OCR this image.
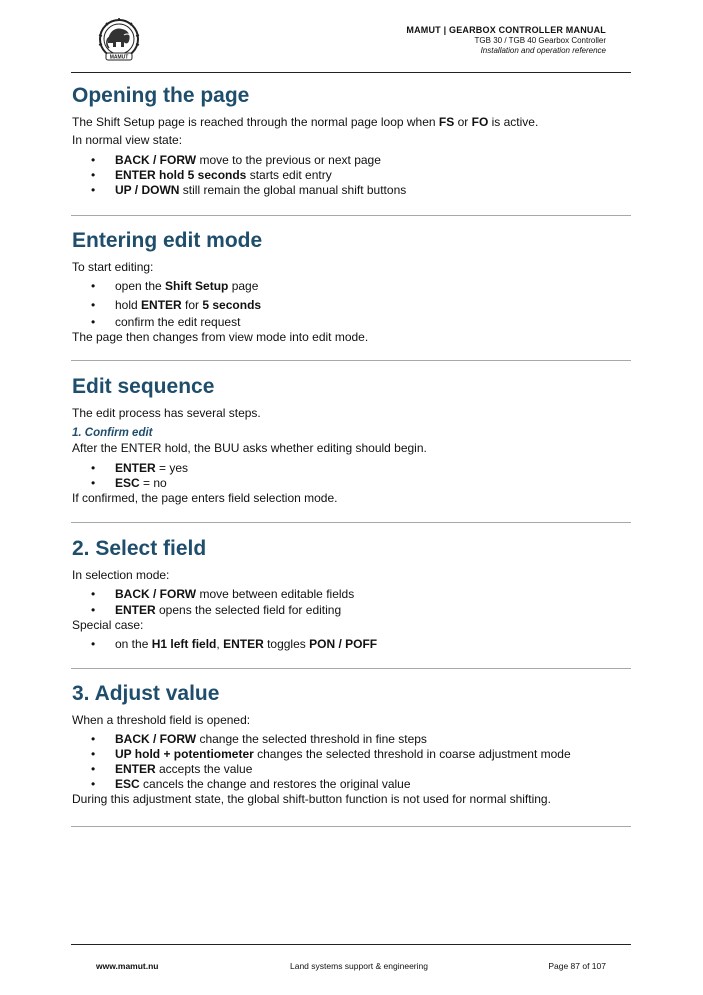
MAMUT
MAMUT | GEARBOX CONTROLLER MANUAL
TGB 30 / TGB 40 Gearbox Controller
Installation and operation reference
Opening the page

The Shift Setup page is reached through the normal page loop when FS or FO is active.

In normal view state:

• BACK / FORW move to the previous or next page
• ENTER hold 5 seconds starts edit entry
• UP / DOWN still remain the global manual shift buttons
Entering edit mode

To start editing:

• open the Shift Setup page
• hold ENTER for 5 seconds
• confirm the edit request

The page then changes from view mode into edit mode.

Edit sequence

The edit process has several steps.

1. Confirm edit

After the ENTER hold, the BUU asks whether editing should begin.

• ENTER = yes
• ESC = no

If confirmed, the page enters field selection mode.

2. Select field

In selection mode:

• BACK / FORW move between editable fields
• ENTER opens the selected field for editing

Special case:

• on the H1 left field, ENTER toggles PON / POFF
3. Adjust value

When a threshold field is opened:

• BACK / FORW change the selected threshold in fine steps
• UP hold + potentiometer changes the selected threshold in coarse adjustment mode
• ENTER accepts the value
• ESC cancels the change and restores the original value

During this adjustment state, the global shift-button function is not used for normal shifting.

www.mamut.nu	Land systems support & engineering	Page 87 of 107
